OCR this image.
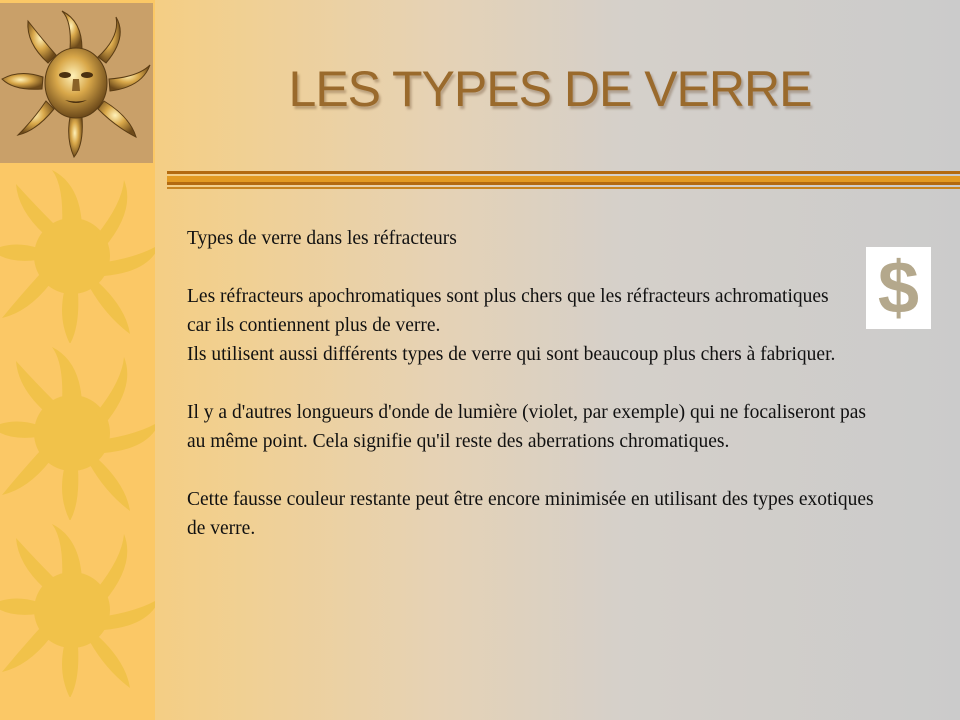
LES TYPES DE VERRE

Types de verre dans les réfracteurs

Les réfracteurs apochromatiques sont plus chers que les réfracteurs achromatiques car ils contiennent plus de verre.

Ils utilisent aussi différents types de verre qui sont beaucoup plus chers à fabriquer.

Il y a d'autres longueurs d'onde de lumière (violet, par exemple) qui ne focaliseront pas au même point. Cela signifie qu'il reste des aberrations chromatiques.

Cette fausse couleur restante peut être encore minimisée en utilisant des types exotiques de verre.

$
